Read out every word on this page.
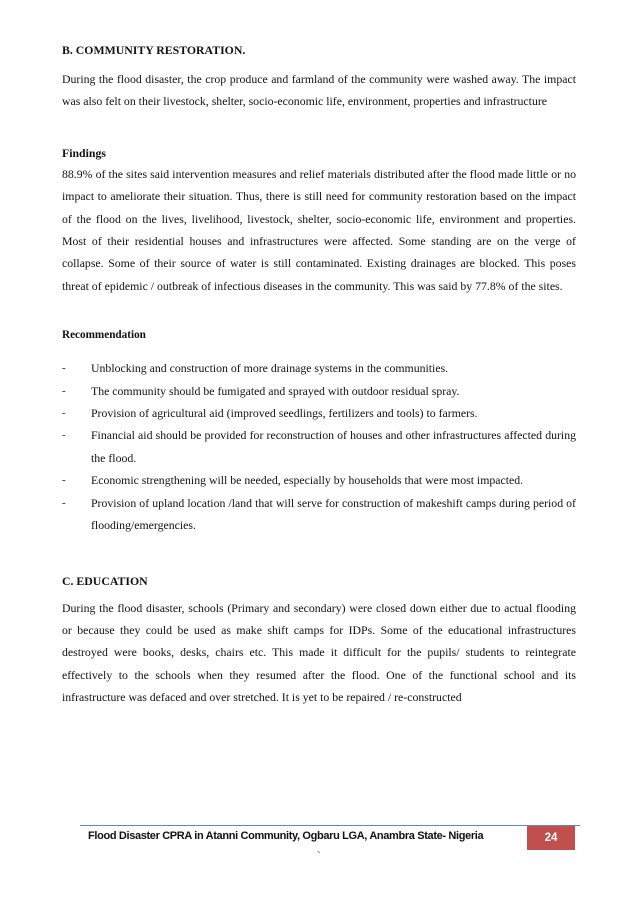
B. COMMUNITY RESTORATION.

During the flood disaster, the crop produce and farmland of the community were washed away. The impact was also felt on their livestock, shelter, socio-economic life, environment, properties and infrastructure

Findings

88.9% of the sites said intervention measures and relief materials distributed after the flood made little or no impact to ameliorate their situation. Thus, there is still need for community restoration based on the impact of the flood on the lives, livelihood, livestock, shelter, socio-economic life, environment and properties. Most of their residential houses and infrastructures were affected. Some standing are on the verge of collapse. Some of their source of water is still contaminated. Existing drainages are blocked. This poses threat of epidemic / outbreak of infectious diseases in the community. This was said by 77.8% of the sites.

Recommendation

-	Unblocking and construction of more drainage systems in the communities.
-	The community should be fumigated and sprayed with outdoor residual spray.
-	Provision of agricultural aid (improved seedlings, fertilizers and tools) to farmers.
-	Financial aid should be provided for reconstruction of houses and other infrastructures affected during the flood.
-	Economic strengthening will be needed, especially by households that were most impacted.
-	Provision of upland location /land that will serve for construction of makeshift camps during period of flooding/emergencies.

C. EDUCATION

During the flood disaster, schools (Primary and secondary) were closed down either due to actual flooding or because they could be used as make shift camps for IDPs. Some of the educational infrastructures destroyed were books, desks, chairs etc. This made it difficult for the pupils/ students to reintegrate effectively to the schools when they resumed after the flood. One of the functional school and its infrastructure was defaced and over stretched. It is yet to be repaired / re-constructed

Flood Disaster CPRA in Atanni Community, Ogbaru LGA, Anambra State- Nigeria	24
`
